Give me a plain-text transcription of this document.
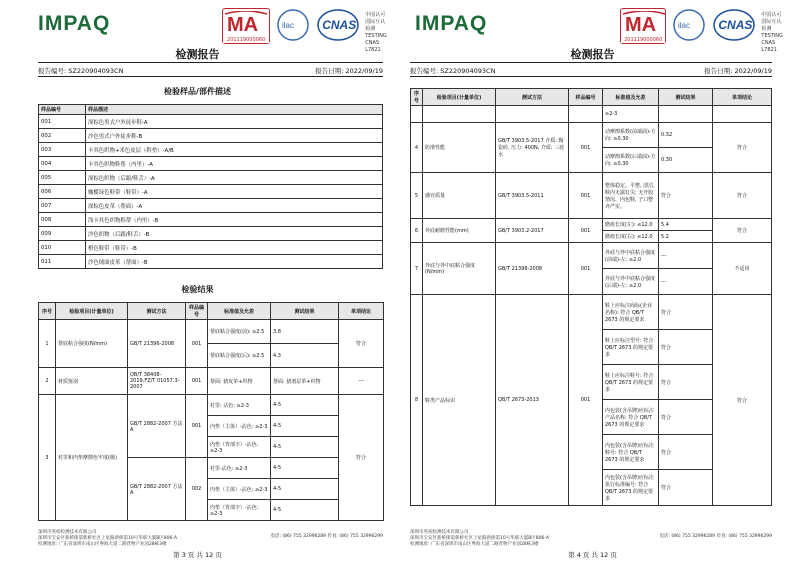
IMPAQ	MA
201119000060
ilac CNAS
中国认可
国际互认
检测
TESTING
CNAS L7821
检测报告
报告编号: SZ220904093CN	报告日期: 2022/09/19
检验样品/部件描述
样品编号	样品描述
001	深棕色男式户外徒步鞋-A
002	沙色男式户外徒步鞋-B
003	卡其色织物+米色皮层（鞋垫）-A/B
004	卡其色织物鞋帮（内里）-A
005	深棕色织物（后跟/鞋舌）-A
006	橄榄绿色鞋带（鞋带）-A
007	深棕色皮革（帮面）-A
008	浅卡其色织物鞋帮（内里）-B
009	沙色织物（后跟/鞋舌）-B
010	橙色鞋带（鞋带）-B
011	沙色绒面皮革（帮面）-B
检验结果
序号	检验项目(计量单位)	测试方法	样品编号	标准值及允差	测试结果	单项结论
1	帮底粘合强度(N/mm)	GB/T 21396-2008	001	帮底粘合强度(前): ≥2.5	3.8	符合
				帮底粘合强度(后): ≥2.5	4.3	
2	材质鉴别	QB/T 38408-2019,FZ/T 01057.3-2007	001	帮面: 猪皮革+织物	帮面: 猪剖层革+织物	---
3	衬里和内垫摩擦色牢度(级)	GB/T 2882-2007 方法A	001	衬里: 沾色: ≥2-3	4-5	符合
				内垫（主体）-沾色: ≥2-3	4-5	
				内垫（背部字）-沾色: ≥2-3	4-5	
		GB/T 2882-2007 方法A	002	衬里-沾色: ≥2-3	4-5	
				内垫（主体）-沾色: ≥2-3	4-5	
				内垫（背部字）-沾色: ≥2-3	4-5	
深圳市英柏检测技术有限公司
深圳市宝安区新桥街道新桥社区上星路新桥第10号华联大厦B区806-A
检测地址: 广东省深圳市南山区粤海大道二路营物产业园28栋3楼
电话: (86) 755 32996289 传真: (86) 755 32996299
第 3 页 共 12 页
IMPAQ	MA
201119000060
ilac CNAS
中国认可
国际互认
检测
TESTING
CNAS L7821
检测报告
报告编号: SZ220904093CN	报告日期: 2022/09/19
序号	检验项目(计量单位)	测试方法	样品编号	标准值及允差	测试结果	单项结论
				≥2-3		
4	防滑性能	GB/T 3903.5-2017 介质: 陶瓷砖, 压力: 400N, 介质: 三硅水	001	动摩擦系数(前端面)-方向: ≥0.30	0.32	符合
				动摩擦系数(后端面)-方向: ≥0.30	0.30	
5	感官质量	GB/T 3903.5-2011	001	整体稳定、平整, 清洁, 鞋内无露钉尖; 无开胶情况、内包鞋, 子口整齐严实。	符合	符合
6	外底耐磨性能(mm)	GB/T 3903.2-2017	001	磨痕长度(左): ≤12.0	5.4	符合
				磨痕长度(右): ≤12.0	5.2	
7	外底与外中底粘合强度(N/mm)	GB/T 21396-2008	001	外底与外中底粘合强度(前端)-左: ≥2.0	---	不适用
				外底与外中底粘合强度(后端)-左: ≥2.0	---	
8	鞋类产品标识	QB/T 2673-2013	001	鞋上应标注商标(企业名称): 符合 QB/T 2673 的规定要求	符合	符合
				鞋上应标注型号: 符合 QB/T 2673 的规定要求	符合	
				鞋上应标注鞋号: 符合 QB/T 2673 的规定要求	符合	
				内包装(含吊牌)应标注产品名称: 符合 QB/T 2673 的规定要求	符合	
				内包装(含吊牌)应标注鞋号: 符合 QB/T 2673 的规定要求	符合	
				内包装(含吊牌)应标注执行标准编号: 符合 QB/T 2673 的规定要求	符合	
深圳市英柏检测技术有限公司
深圳市宝安区新桥街道新桥社区上星路新桥第10号华联大厦B区806-A
检测地址: 广东省深圳市南山区粤海大道二路营物产业园28栋3楼
电话: (86) 755 32996289 传真: (86) 755 32996299
第 4 页 共 12 页
